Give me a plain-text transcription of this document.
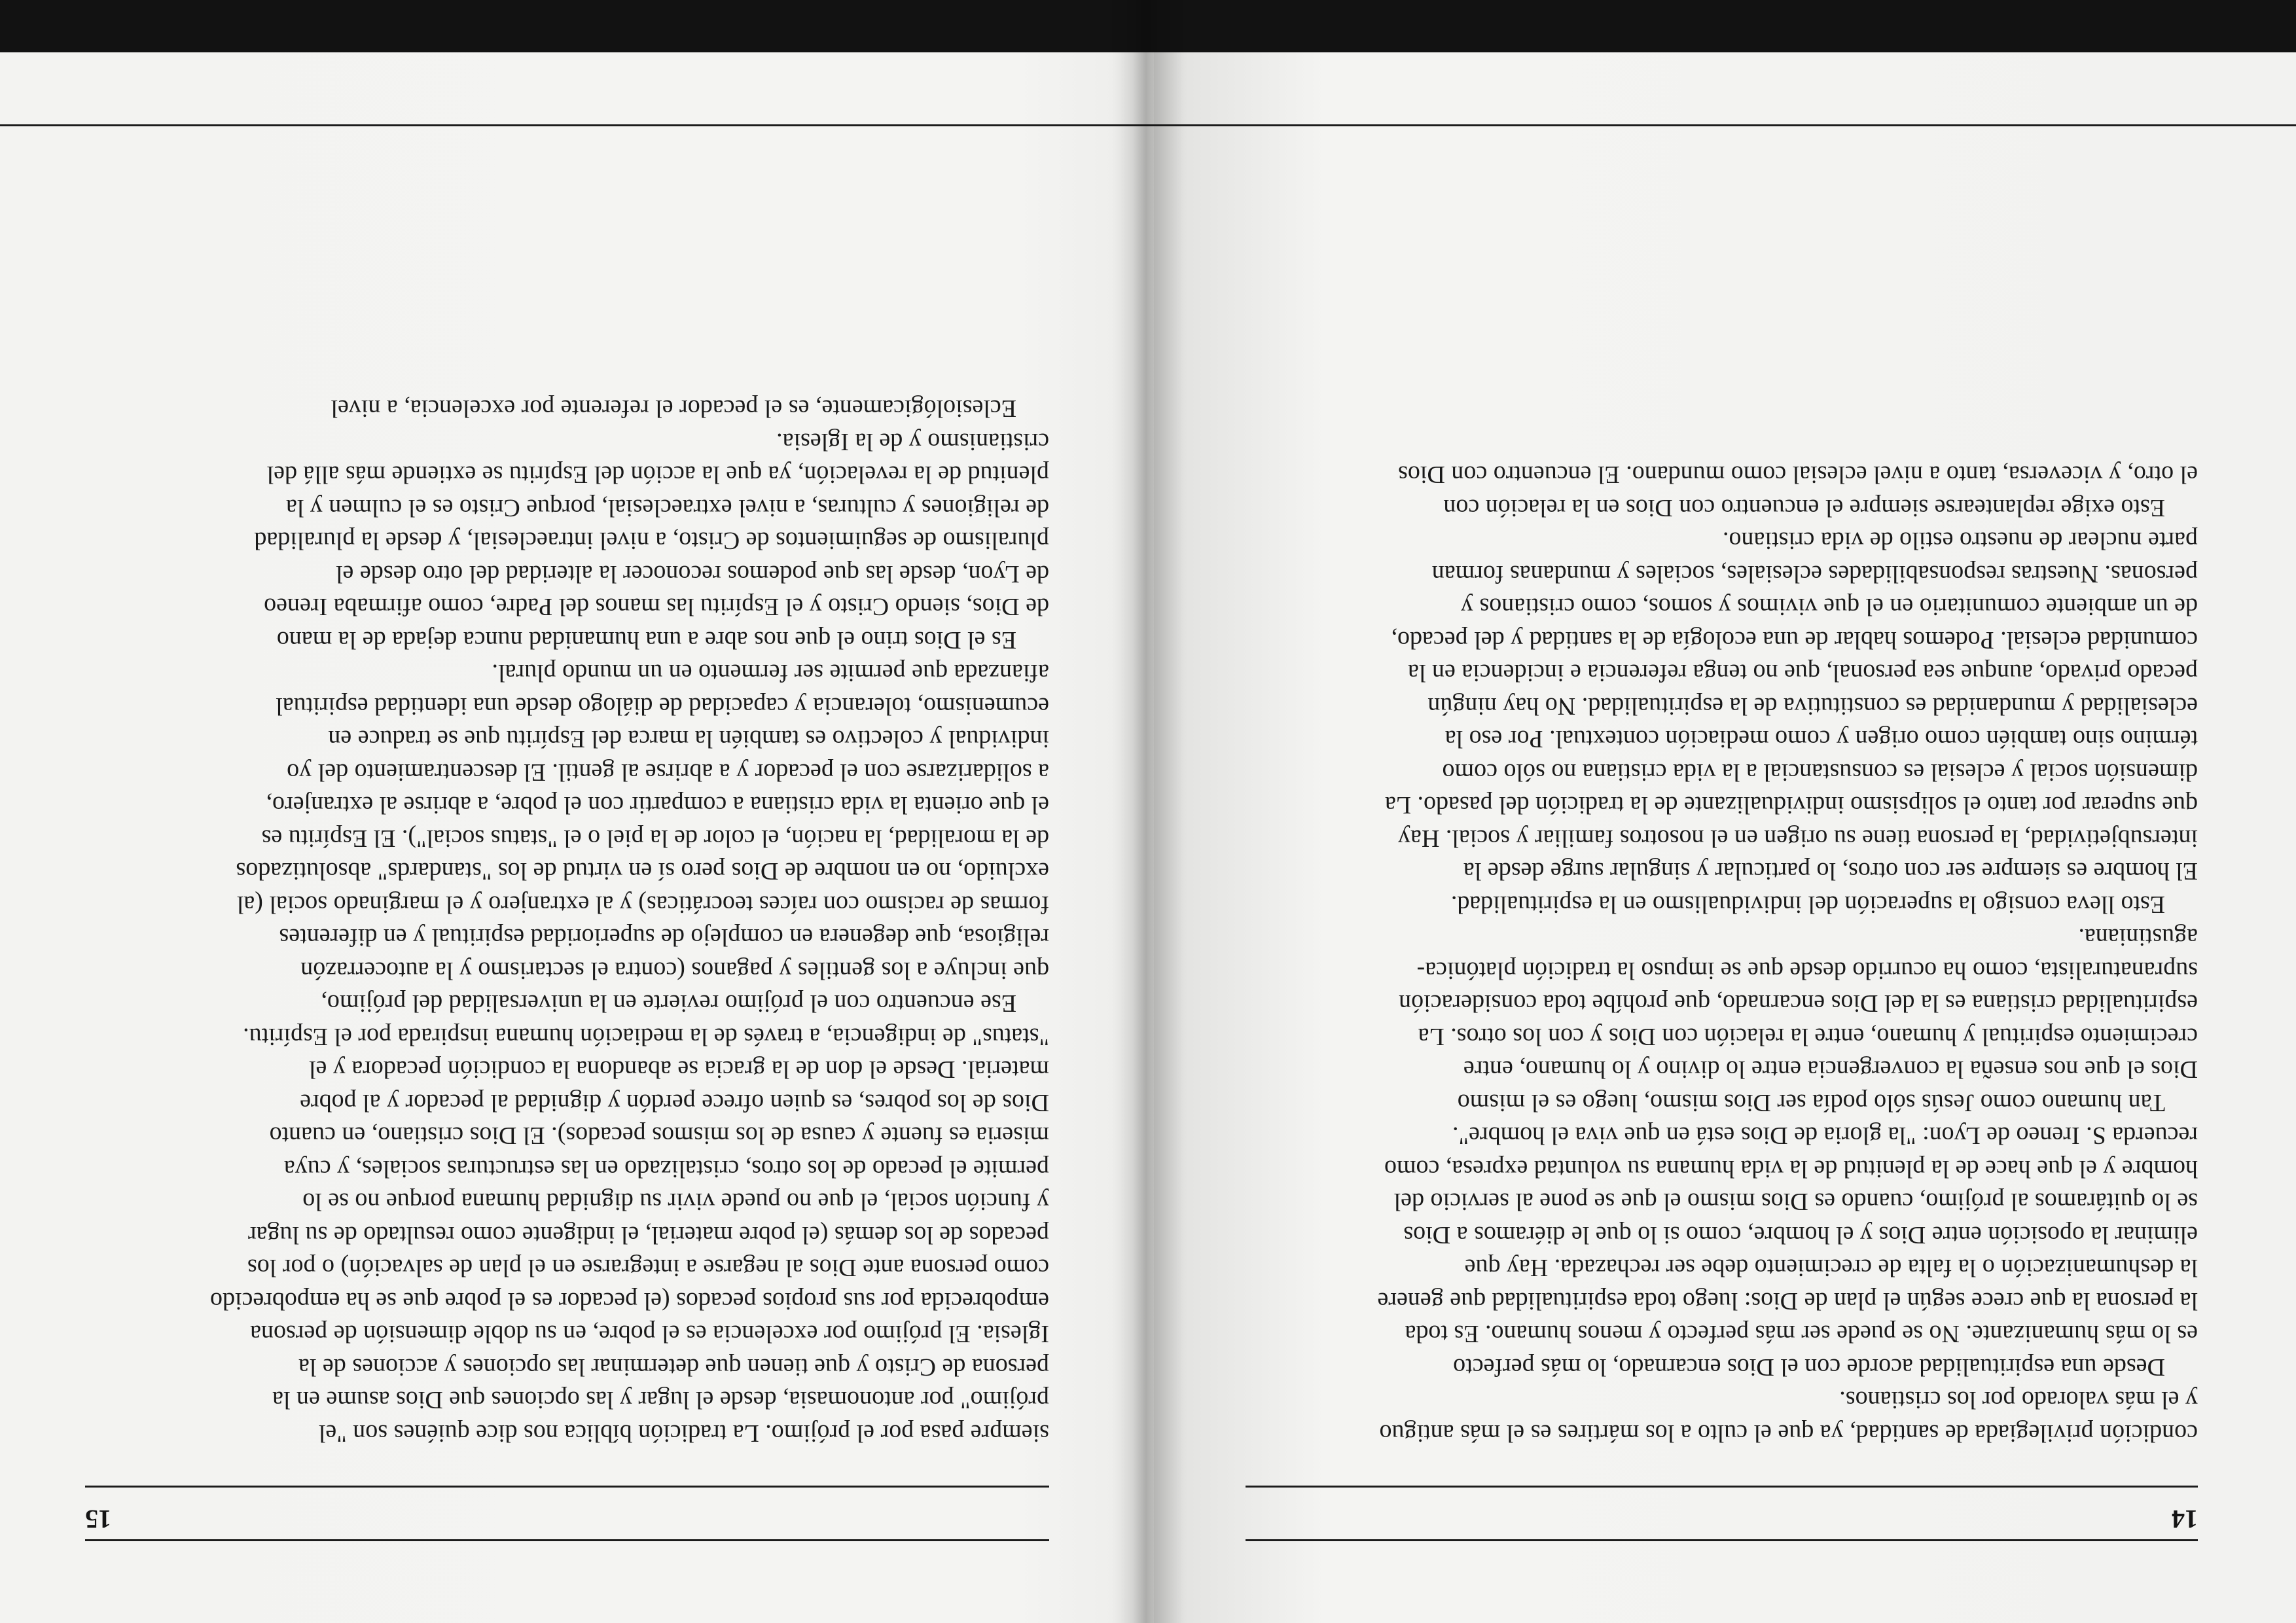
15

siempre pasa por el prójimo. La tradición bíblica nos dice quiénes son "el

prójimo" por antonomasia, desde el lugar y las opciones que Dios asume en la

persona de Cristo y que tienen que determinar las opciones y acciones de la

Iglesia. El prójimo por excelencia es el pobre, en su doble dimensión de persona

empobrecida por sus propios pecados (el pecador es el pobre que se ha empobrecido

como persona ante Dios al negarse a integrarse en el plan de salvación) o por los

pecados de los demás (el pobre material, el indigente como resultado de su lugar

y función social, el que no puede vivir su dignidad humana porque no se lo

permite el pecado de los otros, cristalizado en las estructuras sociales, y cuya

miseria es fuente y causa de los mismos pecados). El Dios cristiano, en cuanto

Dios de los pobres, es quien ofrece perdón y dignidad al pecador y al pobre

material. Desde el don de la gracia se abandona la condición pecadora y el

"status" de indigencia, a través de la mediación humana inspirada por el Espíritu.

Ese encuentro con el prójimo revierte en la universalidad del prójimo,

que incluye a los gentiles y paganos (contra el sectarismo y la autocerrazón

religiosa, que degenera en complejo de superioridad espiritual y en diferentes

formas de racismo con raíces teocráticas) y al extranjero y el marginado social (al

excluido, no en nombre de Dios pero sí en virtud de los "standards" absolutizados

de la moralidad, la nación, el color de la piel o el "status social"). El Espíritu es

el que orienta la vida cristiana a compartir con el pobre, a abrirse al extranjero,

a solidarizarse con el pecador y a abrirse al gentil. El descentramiento del yo

individual y colectivo es también la marca del Espíritu que se traduce en

ecumenismo, tolerancia y capacidad de diálogo desde una identidad espiritual

afianzada que permite ser fermento en un mundo plural.

Es el Dios trino el que nos abre a una humanidad nunca dejada de la mano

de Dios, siendo Cristo y el Espíritu las manos del Padre, como afirmaba Ireneo

de Lyon, desde las que podemos reconocer la alteridad del otro desde el

pluralismo de seguimientos de Cristo, a nivel intraeclesial, y desde la pluralidad

de religiones y culturas, a nivel extraeclesial, porque Cristo es el culmen y la

plenitud de la revelación, ya que la acción del Espíritu se extiende más allá del

cristianismo y de la Iglesia.

Eclesiológicamente, es el pecador el referente por excelencia, a nivel

14

condición privilegiada de santidad, ya que el culto a los mártires es el más antiguo

y el más valorado por los cristianos.

Desde una espiritualidad acorde con el Dios encarnado, lo más perfecto

es lo más humanizante. No se puede ser más perfecto y menos humano. Es toda

la persona la que crece según el plan de Dios: luego toda espiritualidad que genere

la deshumanización o la falta de crecimiento debe ser rechazada. Hay que

eliminar la oposición entre Dios y el hombre, como si lo que le diéramos a Dios

se lo quitáramos al prójimo, cuando es Dios mismo el que se pone al servicio del

hombre y el que hace de la plenitud de la vida humana su voluntad expresa, como

recuerda S. Ireneo de Lyon: "la gloria de Dios está en que viva el hombre".

Tan humano como Jesús sólo podía ser Dios mismo, luego es el mismo

Dios el que nos enseña la convergencia entre lo divino y lo humano, entre

crecimiento espiritual y humano, entre la relación con Dios y con los otros. La

espiritualidad cristiana es la del Dios encarnado, que prohíbe toda consideración

supranaturalista, como ha ocurrido desde que se impuso la tradición platónica-

agustiniana.

Esto lleva consigo la superación del individualismo en la espiritualidad.

El hombre es siempre ser con otros, lo particular y singular surge desde la

intersubjetividad, la persona tiene su origen en el nosotros familiar y social. Hay

que superar por tanto el solipsismo individualizante de la tradición del pasado. La

dimensión social y eclesial es consustancial a la vida cristiana no sólo como

término sino también como origen y como mediación contextual. Por eso la

eclesialidad y mundanidad es constitutiva de la espiritualidad. No hay ningún

pecado privado, aunque sea personal, que no tenga referencia e incidencia en la

comunidad eclesial. Podemos hablar de una ecología de la santidad y del pecado,

de un ambiente comunitario en el que vivimos y somos, como cristianos y

personas. Nuestras responsabilidades eclesiales, sociales y mundanas forman

parte nuclear de nuestro estilo de vida cristiano.

Esto exige replantearse siempre el encuentro con Dios en la relación con

el otro, y viceversa, tanto a nivel eclesial como mundano. El encuentro con Dios
